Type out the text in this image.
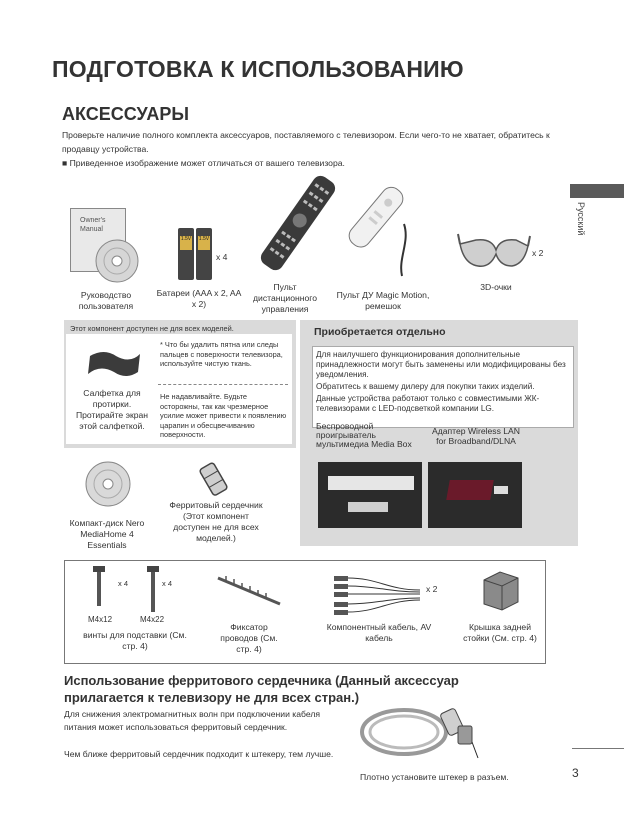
ПОДГОТОВКА К ИСПОЛЬЗОВАНИЮ
АКСЕССУАРЫ
Проверьте наличие полного комплекта аксессуаров, поставляемого с телевизором. Если чего-то не хватает, обратитесь к продавцу устройства.
■ Приведенное изображение может отличаться от вашего телевизора.
Русский
Owner's Manual
Руководство пользователя
1.5V 1.5V
x 4
Батареи (AAA x 2, AA x 2)
Пульт дистанционного управления
Пульт ДУ Magic Motion, ремешок
x 2
3D-очки
Этот компонент доступен не для всех моделей.
Салфетка для протирки. Протирайте экран этой салфеткой.
* Что бы удалить пятна или следы пальцев с поверхности телевизора, используйте чистую ткань.
Не надавливайте. Будьте осторожны, так как чрезмерное усилие может привести к появлению царапин и обесцвечиванию поверхности.
Приобретается отдельно
Для наилучшего функционирования дополнительные принадлежности могут быть заменены или модифицированы без уведомления.
Обратитесь к вашему дилеру для покупки таких изделий.
Данные устройства работают только с совместимыми ЖК-телевизорами с LED-подсветкой компании LG.
Беспроводной проигрыватель мультимедиа Media Box
Адаптер Wireless LAN for Broadband/DLNA
Компакт-диск Nero MediaHome 4 Essentials
Ферритовый сердечник (Этот компонент доступен не для всех моделей.)
x 4	x 4
M4x12	M4x22
винты для подставки (См. стр. 4)
Фиксатор проводов (См. стр. 4)
x 2
Компонентный кабель, AV кабель
Крышка задней стойки (См. стр. 4)
Использование ферритового сердечника (Данный аксессуар прилагается к телевизору не для всех стран.)
Для снижения электромагнитных волн при подключении кабеля питания может использоваться ферритовый сердечник.
Чем ближе ферритовый сердечник подходит к штекеру, тем лучше.
Плотно установите штекер в разъем.	3
